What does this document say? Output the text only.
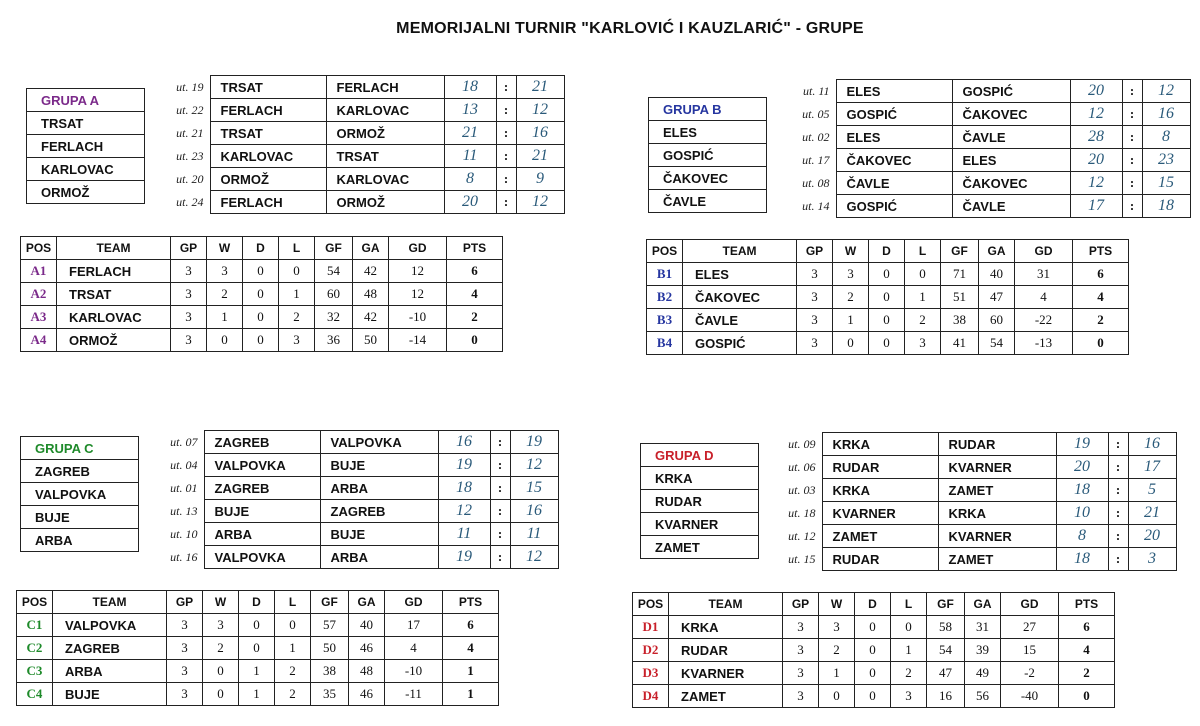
MEMORIJALNI TURNIR "KARLOVIĆ I KAUZLARIĆ" - GRUPE
GRUPA A
TRSAT
FERLACH
KARLOVAC
ORMOŽ
ut. 19	TRSAT	FERLACH	18	:	21
ut. 22	FERLACH	KARLOVAC	13	:	12
ut. 21	TRSAT	ORMOŽ	21	:	16
ut. 23	KARLOVAC	TRSAT	11	:	21
ut. 20	ORMOŽ	KARLOVAC	8	:	9
ut. 24	FERLACH	ORMOŽ	20	:	12
POS	TEAM	GP	W	D	L	GF	GA	GD	PTS
A1	FERLACH	3	3	0	0	54	42	12	6
A2	TRSAT	3	2	0	1	60	48	12	4
A3	KARLOVAC	3	1	0	2	32	42	-10	2
A4	ORMOŽ	3	0	0	3	36	50	-14	0
GRUPA B
ELES
GOSPIĆ
ČAKOVEC
ČAVLE
ut. 11	ELES	GOSPIĆ	20	:	12
ut. 05	GOSPIĆ	ČAKOVEC	12	:	16
ut. 02	ELES	ČAVLE	28	:	8
ut. 17	ČAKOVEC	ELES	20	:	23
ut. 08	ČAVLE	ČAKOVEC	12	:	15
ut. 14	GOSPIĆ	ČAVLE	17	:	18
POS	TEAM	GP	W	D	L	GF	GA	GD	PTS
B1	ELES	3	3	0	0	71	40	31	6
B2	ČAKOVEC	3	2	0	1	51	47	4	4
B3	ČAVLE	3	1	0	2	38	60	-22	2
B4	GOSPIĆ	3	0	0	3	41	54	-13	0
GRUPA C
ZAGREB
VALPOVKA
BUJE
ARBA
ut. 07	ZAGREB	VALPOVKA	16	:	19
ut. 04	VALPOVKA	BUJE	19	:	12
ut. 01	ZAGREB	ARBA	18	:	15
ut. 13	BUJE	ZAGREB	12	:	16
ut. 10	ARBA	BUJE	11	:	11
ut. 16	VALPOVKA	ARBA	19	:	12
POS	TEAM	GP	W	D	L	GF	GA	GD	PTS
C1	VALPOVKA	3	3	0	0	57	40	17	6
C2	ZAGREB	3	2	0	1	50	46	4	4
C3	ARBA	3	0	1	2	38	48	-10	1
C4	BUJE	3	0	1	2	35	46	-11	1
GRUPA D
KRKA
RUDAR
KVARNER
ZAMET
ut. 09	KRKA	RUDAR	19	:	16
ut. 06	RUDAR	KVARNER	20	:	17
ut. 03	KRKA	ZAMET	18	:	5
ut. 18	KVARNER	KRKA	10	:	21
ut. 12	ZAMET	KVARNER	8	:	20
ut. 15	RUDAR	ZAMET	18	:	3
POS	TEAM	GP	W	D	L	GF	GA	GD	PTS
D1	KRKA	3	3	0	0	58	31	27	6
D2	RUDAR	3	2	0	1	54	39	15	4
D3	KVARNER	3	1	0	2	47	49	-2	2
D4	ZAMET	3	0	0	3	16	56	-40	0
